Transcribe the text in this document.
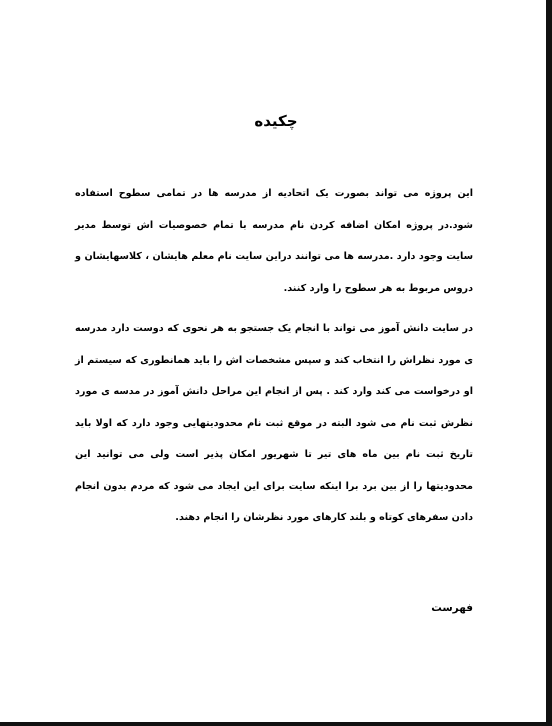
چکیده

این پروژه می تواند بصورت یک اتحادیه از مدرسه ها در تمامی سطوح استفاده شود.در پروژه امکان اضافه کردن نام مدرسه با تمام خصوصیات اش توسط مدیر سایت وجود دارد .مدرسه ها می توانند دراین سایت نام معلم هایشان ، کلاسهایشان و دروس مربوط به هر سطوح را وارد کنند.

در سایت دانش آموز می تواند با انجام یک جستجو به هر نحوی که دوست دارد مدرسه ی مورد نظراش را انتخاب کند و سپس مشخصات اش را باید همانطوری که سیستم از او درخواست می کند وارد کند . پس از انجام این مراحل دانش آموز در مدسه ی مورد نظرش ثبت نام می شود البته در موقع ثبت نام محدودیتهایی وجود دارد که اولا باید تاریخ ثبت نام بین ماه های تیر تا شهریور امکان پذیر است ولی می توانید این محدودیتها را از بین برد برا اینکه سایت برای این ایجاد می شود که مردم بدون انجام دادن سفرهای کوتاه و بلند کارهای مورد نظرشان را انجام دهند.

فهرست
